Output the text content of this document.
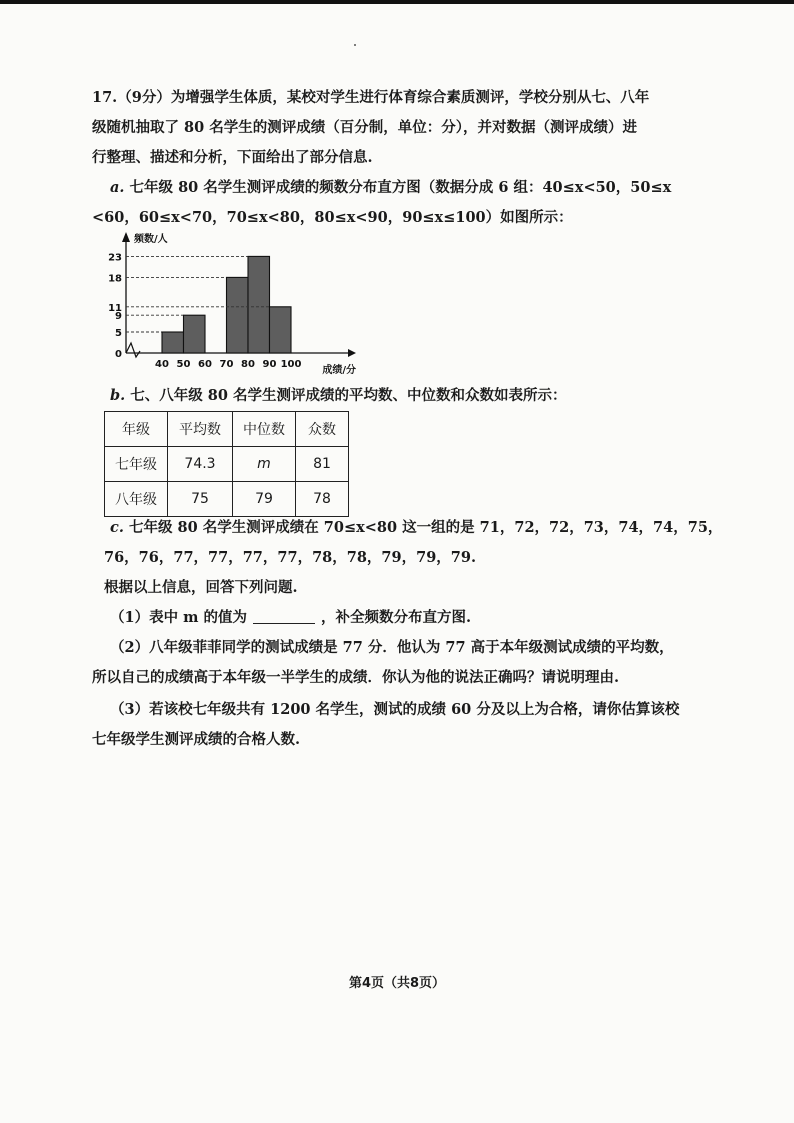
17.（9分）为增强学生体质，某校对学生进行体育综合素质测评，学校分别从七、八年
级随机抽取了 80 名学生的测评成绩（百分制，单位：分），并对数据（测评成绩）进
行整理、描述和分析，下面给出了部分信息.
a. 七年级 80 名学生测评成绩的频数分布直方图（数据分成 6 组：40≤x<50，50≤x
<60，60≤x<70，70≤x<80，80≤x<90，90≤x≤100）如图所示：
0
5
9
11
18
23
40 50 60 70 80 90 100
频数/人
成绩/分
b. 七、八年级 80 名学生测评成绩的平均数、中位数和众数如表所示：
年级	平均数	中位数	众数
七年级	74.3	m	81
八年级	75	79	78
c. 七年级 80 名学生测评成绩在 70≤x<80 这一组的是 71，72，72，73，74，74，75，
76，76，77，77，77，77，78，78，79，79，79.
根据以上信息，回答下列问题.
（1）表中 m 的值为	，补全频数分布直方图.
（2）八年级菲菲同学的测试成绩是 77 分．他认为 77 高于本年级测试成绩的平均数，
所以自己的成绩高于本年级一半学生的成绩．你认为他的说法正确吗？请说明理由.
（3）若该校七年级共有 1200 名学生，测试的成绩 60 分及以上为合格，请你估算该校
七年级学生测评成绩的合格人数.
第4页（共8页）
